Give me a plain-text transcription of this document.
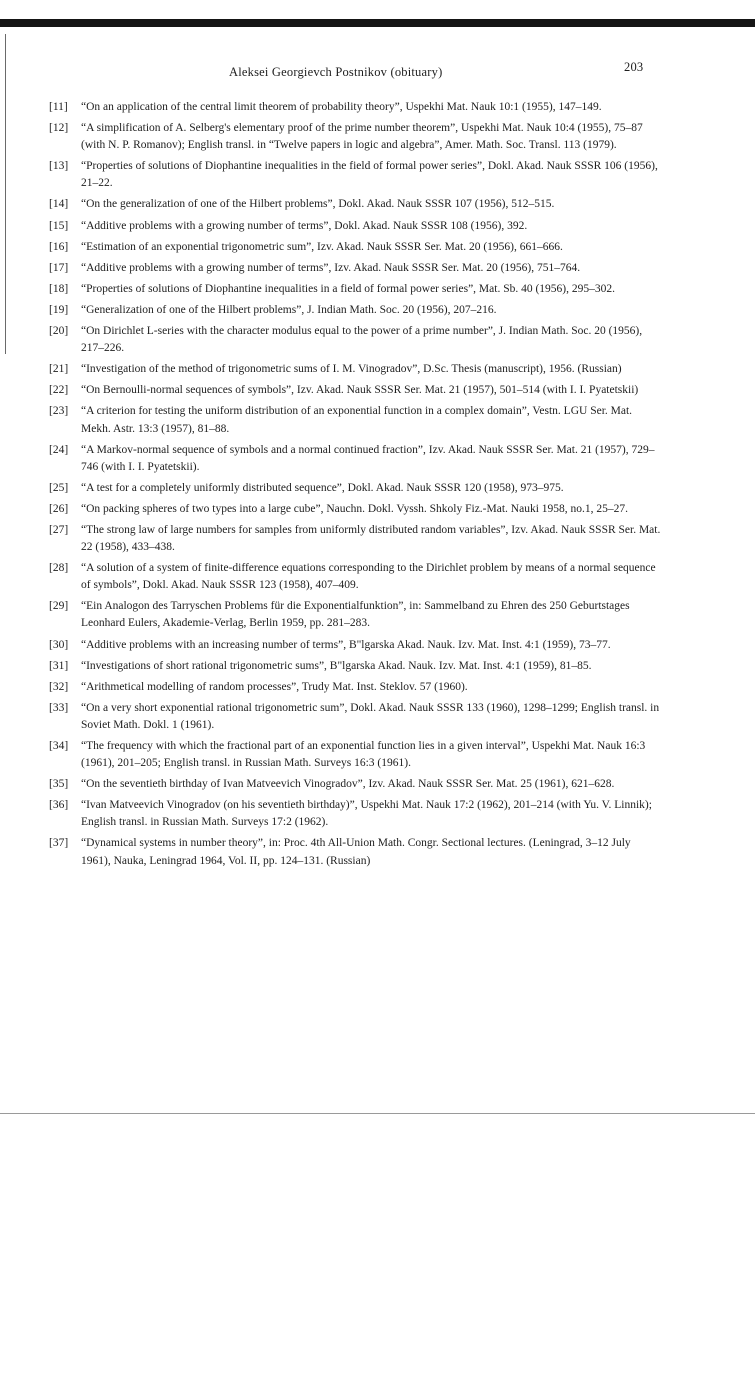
Aleksei Georgievch Postnikov (obituary)	203
[11] “On an application of the central limit theorem of probability theory”, Uspekhi Mat. Nauk 10:1 (1955), 147–149.
[12] “A simplification of A. Selberg's elementary proof of the prime number theorem”, Uspekhi Mat. Nauk 10:4 (1955), 75–87 (with N. P. Romanov); English transl. in “Twelve papers in logic and algebra”, Amer. Math. Soc. Transl. 113 (1979).
[13] “Properties of solutions of Diophantine inequalities in the field of formal power series”, Dokl. Akad. Nauk SSSR 106 (1956), 21–22.
[14] “On the generalization of one of the Hilbert problems”, Dokl. Akad. Nauk SSSR 107 (1956), 512–515.
[15] “Additive problems with a growing number of terms”, Dokl. Akad. Nauk SSSR 108 (1956), 392.
[16] “Estimation of an exponential trigonometric sum”, Izv. Akad. Nauk SSSR Ser. Mat. 20 (1956), 661–666.
[17] “Additive problems with a growing number of terms”, Izv. Akad. Nauk SSSR Ser. Mat. 20 (1956), 751–764.
[18] “Properties of solutions of Diophantine inequalities in a field of formal power series”, Mat. Sb. 40 (1956), 295–302.
[19] “Generalization of one of the Hilbert problems”, J. Indian Math. Soc. 20 (1956), 207–216.
[20] “On Dirichlet L-series with the character modulus equal to the power of a prime number”, J. Indian Math. Soc. 20 (1956), 217–226.
[21] “Investigation of the method of trigonometric sums of I. M. Vinogradov”, D.Sc. Thesis (manuscript), 1956. (Russian)
[22] “On Bernoulli-normal sequences of symbols”, Izv. Akad. Nauk SSSR Ser. Mat. 21 (1957), 501–514 (with I. I. Pyatetskii)
[23] “A criterion for testing the uniform distribution of an exponential function in a complex domain”, Vestn. LGU Ser. Mat. Mekh. Astr. 13:3 (1957), 81–88.
[24] “A Markov-normal sequence of symbols and a normal continued fraction”, Izv. Akad. Nauk SSSR Ser. Mat. 21 (1957), 729–746 (with I. I. Pyatetskii).
[25] “A test for a completely uniformly distributed sequence”, Dokl. Akad. Nauk SSSR 120 (1958), 973–975.
[26] “On packing spheres of two types into a large cube”, Nauchn. Dokl. Vyssh. Shkoly Fiz.-Mat. Nauki 1958, no.1, 25–27.
[27] “The strong law of large numbers for samples from uniformly distributed random variables”, Izv. Akad. Nauk SSSR Ser. Mat. 22 (1958), 433–438.
[28] “A solution of a system of finite-difference equations corresponding to the Dirichlet problem by means of a normal sequence of symbols”, Dokl. Akad. Nauk SSSR 123 (1958), 407–409.
[29] “Ein Analogon des Tarryschen Problems für die Exponentialfunktion”, in: Sammelband zu Ehren des 250 Geburtstages Leonhard Eulers, Akademie-Verlag, Berlin 1959, pp. 281–283.
[30] “Additive problems with an increasing number of terms”, B"lgarska Akad. Nauk. Izv. Mat. Inst. 4:1 (1959), 73–77.
[31] “Investigations of short rational trigonometric sums”, B"lgarska Akad. Nauk. Izv. Mat. Inst. 4:1 (1959), 81–85.
[32] “Arithmetical modelling of random processes”, Trudy Mat. Inst. Steklov. 57 (1960).
[33] “On a very short exponential rational trigonometric sum”, Dokl. Akad. Nauk SSSR 133 (1960), 1298–1299; English transl. in Soviet Math. Dokl. 1 (1961).
[34] “The frequency with which the fractional part of an exponential function lies in a given interval”, Uspekhi Mat. Nauk 16:3 (1961), 201–205; English transl. in Russian Math. Surveys 16:3 (1961).
[35] “On the seventieth birthday of Ivan Matveevich Vinogradov”, Izv. Akad. Nauk SSSR Ser. Mat. 25 (1961), 621–628.
[36] “Ivan Matveevich Vinogradov (on his seventieth birthday)”, Uspekhi Mat. Nauk 17:2 (1962), 201–214 (with Yu. V. Linnik); English transl. in Russian Math. Surveys 17:2 (1962).
[37] “Dynamical systems in number theory”, in: Proc. 4th All-Union Math. Congr. Sectional lectures. (Leningrad, 3–12 July 1961), Nauka, Leningrad 1964, Vol. II, pp. 124–131. (Russian)
